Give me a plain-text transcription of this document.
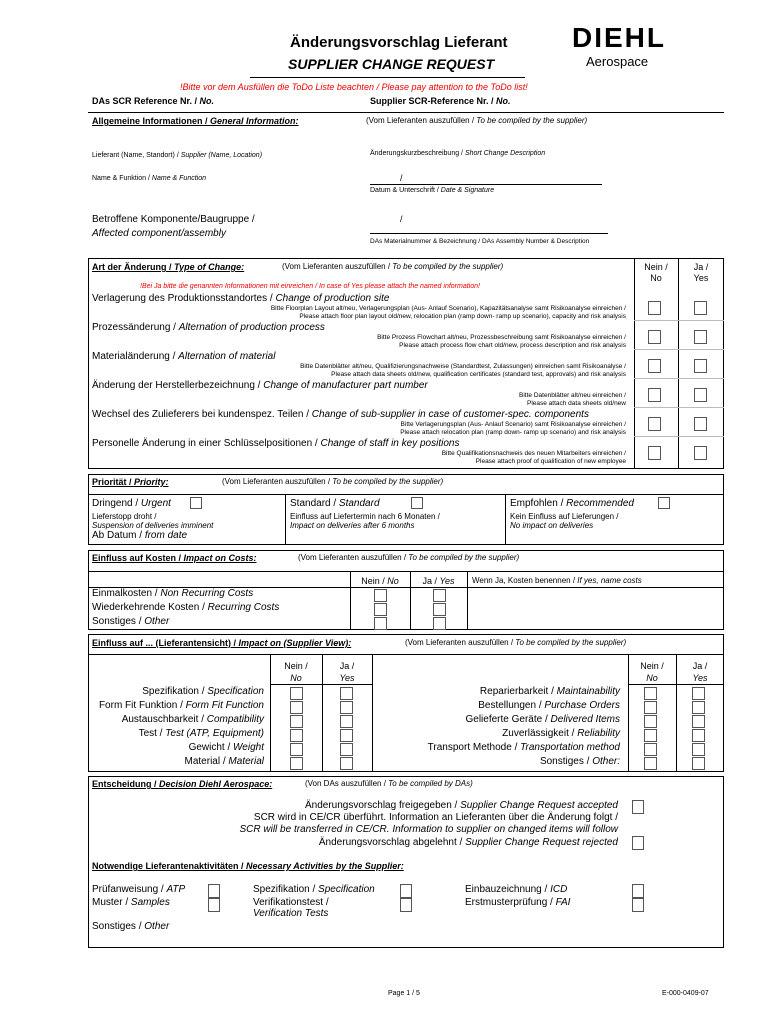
Änderungsvorschlag Lieferant
SUPPLIER CHANGE REQUEST
DIEHL
Aerospace
!Bitte vor dem Ausfüllen die ToDo Liste beachten / Please pay attention to the ToDo list!
DAs SCR Reference Nr. / No.	Supplier SCR-Reference Nr. / No.
Allgemeine Informationen / General Information:	(Vom Lieferanten auszufüllen / To be compiled by the supplier)
Lieferant (Name, Standort) / Supplier (Name, Location)	Änderungskurzbeschreibung / Short Change Description
Name & Funktion / Name & Function	/
Datum & Unterschrift / Date & Signature
Betroffene Komponente/Baugruppe /
Affected component/assembly
/
DAs Materialnummer & Bezeichnung / DAs Assembly Number & Description
Art der Änderung / Type of Change:	(Vom Lieferanten auszufüllen / To be compiled by the supplier)	Nein /
No
Ja /
Yes
!Bei Ja bitte die genannten Informationen mit einreichen / In case of Yes please attach the named information!
Verlagerung des Produktionsstandortes / Change of production site
Bitte Floorplan Layout alt/neu, Verlagerungsplan (Aus- Anlauf Scenario), Kapazitätsanalyse samt Risikoanalyse einreichen /
Please attach floor plan layout old/new, relocation plan (ramp down- ramp up scenario), capacity and risk analysis
Prozessänderung / Alternation of production process
Bitte Prozess Flowchart alt/neu, Prozessbeschreibung samt Risikoanalyse einreichen /
Please attach process flow chart old/new, process description and risk analysis
Materialänderung / Alternation of material
Bitte Datenblätter alt/neu, Qualifizierungsnachweise (Standardtest, Zulassungen) einreichen samt Risikoanalyse /
Please attach data sheets old/new, qualification certificates (standard test, approvals) and risk analysis
Änderung der Herstellerbezeichnung / Change of manufacturer part number
Bitte Datenblätter alt/neu einreichen /
Please attach data sheets old/new
Wechsel des Zulieferers bei kundenspez. Teilen / Change of sub-supplier in case of customer-spec. components
Bitte Verlagerungsplan (Aus- Anlauf Scenario) samt Risikoanalyse einreichen /
Please attach relocation plan (ramp down- ramp up scenario) and risk analysis
Personelle Änderung in einer Schlüsselpositionen / Change of staff in key positions
Bitte Qualifikationsnachweis des neuen Mitarbeiters einreichen /
Please attach proof of qualification of new employee
Priorität / Priority:	(Vom Lieferanten auszufüllen / To be compiled by the supplier)
Dringend / Urgent
Lieferstopp droht /
Suspension of deliveries imminent
Ab Datum / from date
Standard / Standard
Einfluss auf Liefertermin nach 6 Monaten /
Impact on deliveries after 6 months
Empfohlen / Recommended
Kein Einfluss auf Lieferungen /
No impact on deliveries
Einfluss auf Kosten / Impact on Costs:	(Vom Lieferanten auszufüllen / To be compiled by the supplier)
Nein / No	Ja / Yes	Wenn Ja, Kosten benennen / If yes, name costs
Einmalkosten / Non Recurring Costs
Wiederkehrende Kosten / Recurring Costs
Sonstiges / Other
Einfluss auf ... (Lieferantensicht) / Impact on (Supplier View):	(Vom Lieferanten auszufüllen / To be compiled by the supplier)
Nein /
No
Ja /
Yes
Nein /
No
Ja /
Yes
Spezifikation / Specification	Reparierbarkeit / Maintainability
Form Fit Funktion / Form Fit Function	Bestellungen / Purchase Orders
Austauschbarkeit / Compatibility	Gelieferte Geräte / Delivered Items
Test / Test (ATP, Equipment)	Zuverlässigkeit / Reliability
Gewicht / Weight	Transport Methode / Transportation method
Material / Material	Sonstiges / Other:
Entscheidung / Decision Diehl Aerospace:	(Von DAs auszufüllen / To be compiled by DAs)
Änderungsvorschlag freigegeben / Supplier Change Request accepted
SCR wird in CE/CR überführt. Information an Lieferanten über die Änderung folgt /
SCR will be transferred in CE/CR. Information to supplier on changed items will follow
Änderungsvorschlag abgelehnt / Supplier Change Request rejected
Notwendige Lieferantenaktivitäten / Necessary Activities by the Supplier:
Prüfanweisung / ATP
Muster / Samples
Spezifikation / Specification
Verifikationstest /
Verification Tests
Einbauzeichnung / ICD
Erstmusterprüfung / FAI
Sonstiges / Other
Page 1 / 5	E-000-0409-07
